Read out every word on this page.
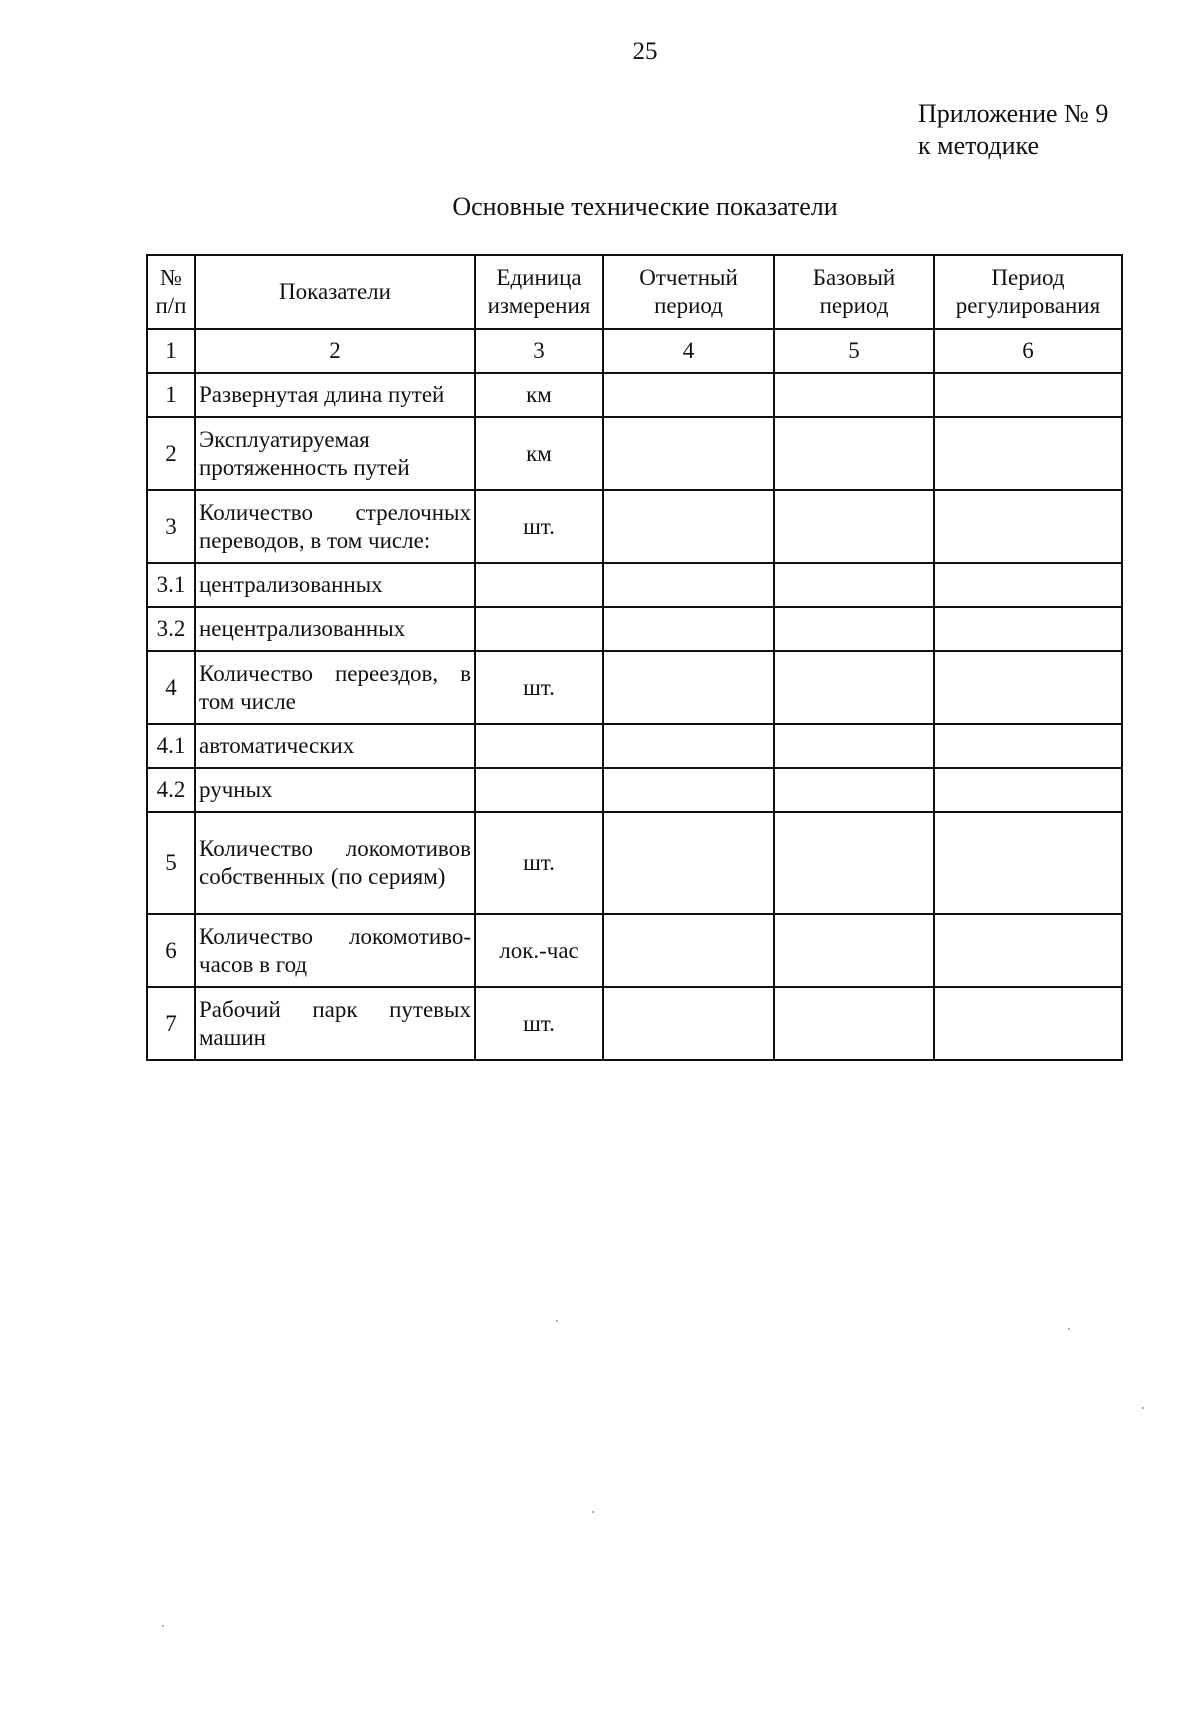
25
Приложение № 9
к методике
Основные технические показатели
№ п/п	Показатели	Единица измерения	Отчетный период	Базовый период	Период регулирования
1	2	3	4	5	6
1	Развернутая длина путей	км			
2	Эксплуатируемая протяженность путей	км			
3	Количество стрелочных переводов, в том числе:	шт.			
3.1	централизованных				
3.2	нецентрализованных				
4	Количество переездов, в том числе	шт.			
4.1	автоматических				
4.2	ручных				
5	Количество локомотивов собственных (по сериям)	шт.			
6	Количество локомотиво-часов в год	лок.-час			
7	Рабочий парк путевых машин	шт.			
